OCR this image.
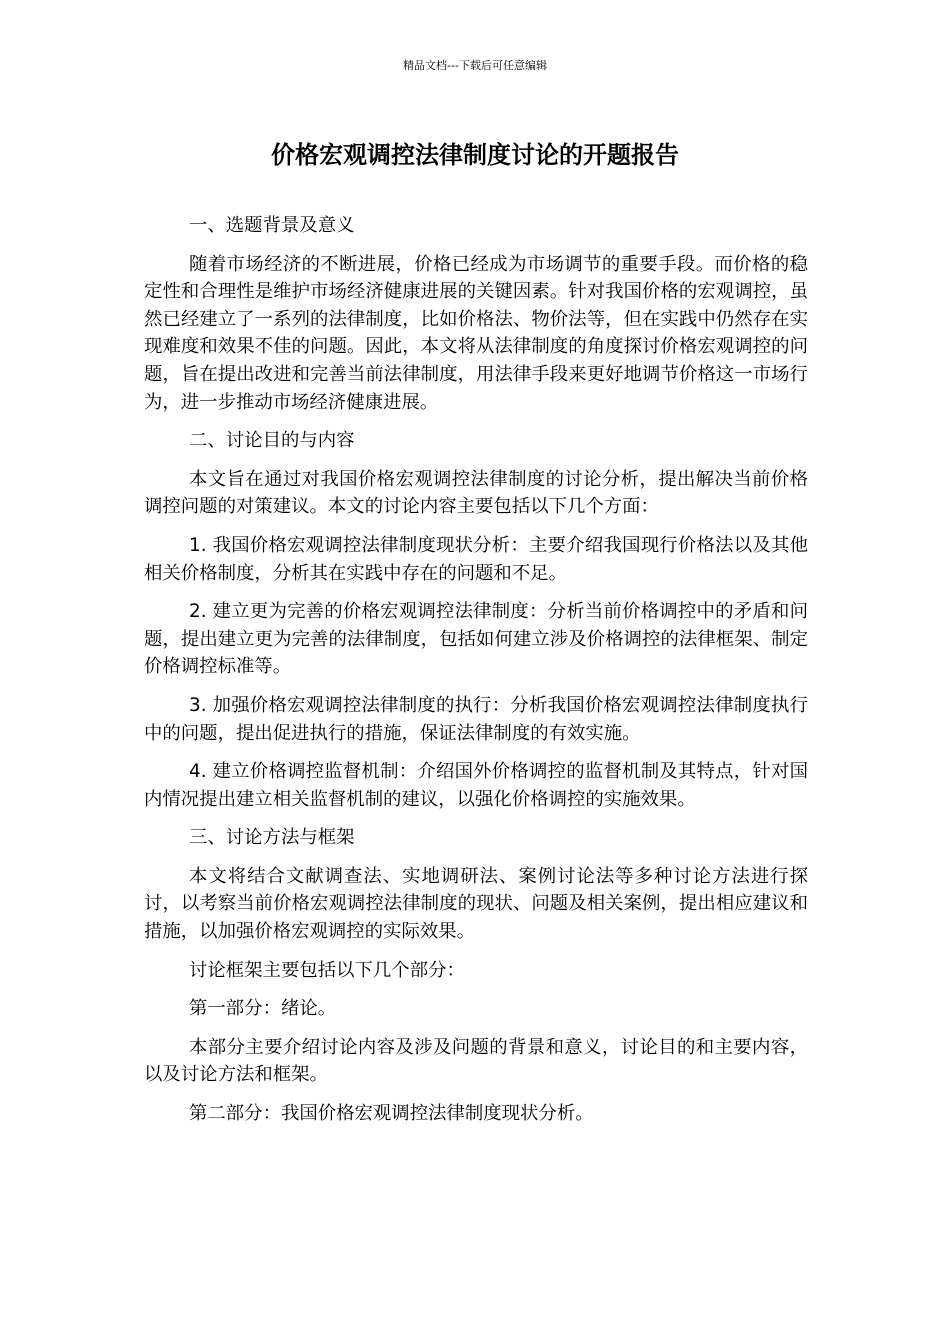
精品文档---下载后可任意编辑
价格宏观调控法律制度讨论的开题报告

一、选题背景及意义

随着市场经济的不断进展，价格已经成为市场调节的重要手段。而价格的稳定性和合理性是维护市场经济健康进展的关键因素。针对我国价格的宏观调控，虽然已经建立了一系列的法律制度，比如价格法、物价法等，但在实践中仍然存在实现难度和效果不佳的问题。因此，本文将从法律制度的角度探讨价格宏观调控的问题，旨在提出改进和完善当前法律制度，用法律手段来更好地调节价格这一市场行为，进一步推动市场经济健康进展。

二、讨论目的与内容

本文旨在通过对我国价格宏观调控法律制度的讨论分析，提出解决当前价格调控问题的对策建议。本文的讨论内容主要包括以下几个方面：

1. 我国价格宏观调控法律制度现状分析：主要介绍我国现行价格法以及其他相关价格制度，分析其在实践中存在的问题和不足。

2. 建立更为完善的价格宏观调控法律制度：分析当前价格调控中的矛盾和问题，提出建立更为完善的法律制度，包括如何建立涉及价格调控的法律框架、制定价格调控标准等。

3. 加强价格宏观调控法律制度的执行：分析我国价格宏观调控法律制度执行中的问题，提出促进执行的措施，保证法律制度的有效实施。

4. 建立价格调控监督机制：介绍国外价格调控的监督机制及其特点，针对国内情况提出建立相关监督机制的建议，以强化价格调控的实施效果。

三、讨论方法与框架

本文将结合文献调查法、实地调研法、案例讨论法等多种讨论方法进行探讨，以考察当前价格宏观调控法律制度的现状、问题及相关案例，提出相应建议和措施，以加强价格宏观调控的实际效果。

讨论框架主要包括以下几个部分：

第一部分：绪论。

本部分主要介绍讨论内容及涉及问题的背景和意义，讨论目的和主要内容，以及讨论方法和框架。

第二部分：我国价格宏观调控法律制度现状分析。
